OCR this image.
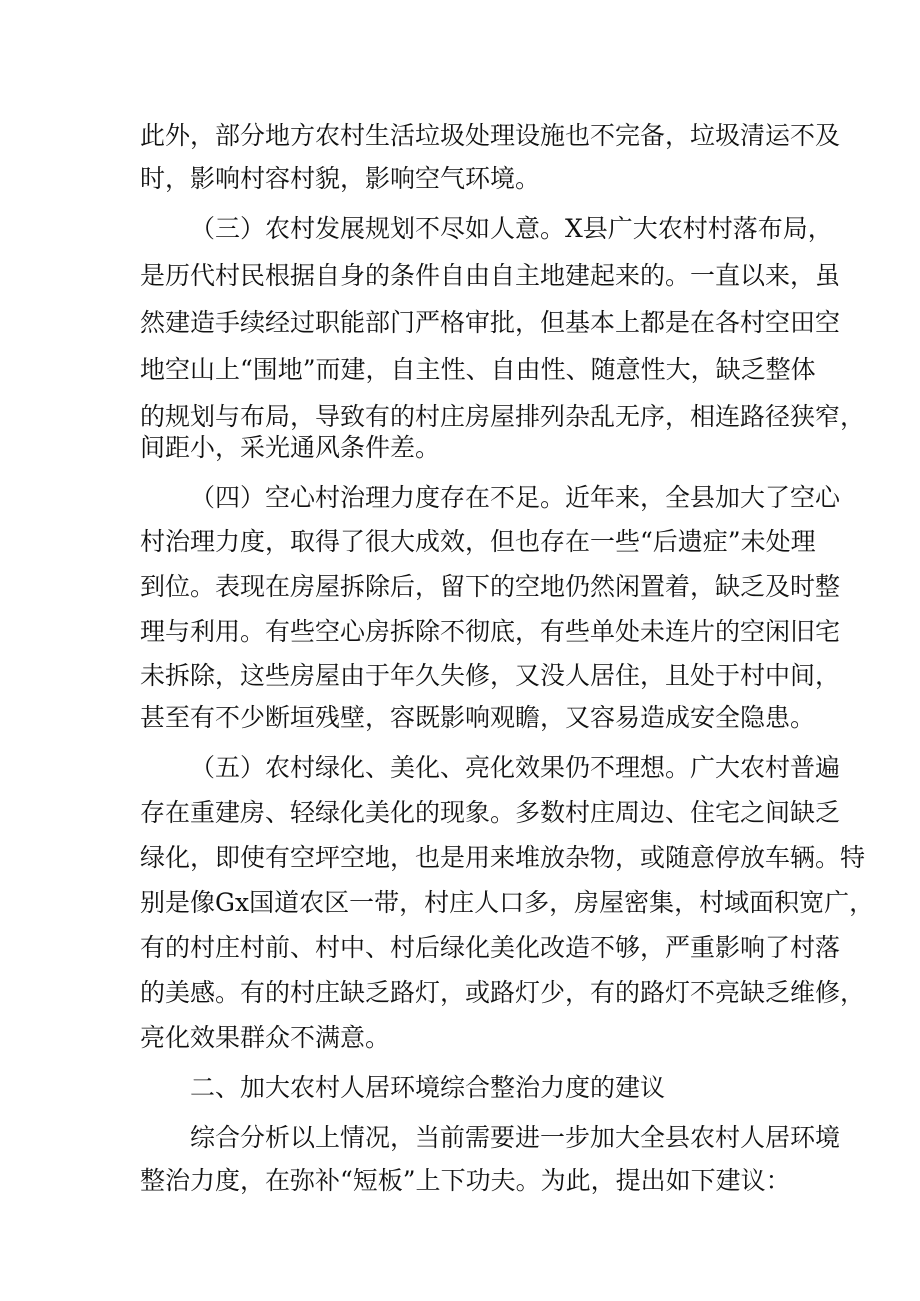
此外，部分地方农村生活垃圾处理设施也不完备，垃圾清运不及
时，影响村容村貌，影响空气环境。
（三）农村发展规划不尽如人意。X县广大农村村落布局，
是历代村民根据自身的条件自由自主地建起来的。一直以来，虽
然建造手续经过职能部门严格审批，但基本上都是在各村空田空
地空山上“围地”而建，自主性、自由性、随意性大，缺乏整体
的规划与布局，导致有的村庄房屋排列杂乱无序，相连路径狭窄，
间距小，采光通风条件差。
（四）空心村治理力度存在不足。近年来，全县加大了空心
村治理力度，取得了很大成效，但也存在一些“后遗症”未处理
到位。表现在房屋拆除后，留下的空地仍然闲置着，缺乏及时整
理与利用。有些空心房拆除不彻底，有些单处未连片的空闲旧宅
未拆除，这些房屋由于年久失修，又没人居住，且处于村中间，
甚至有不少断垣残壁，容既影响观瞻，又容易造成安全隐患。
（五）农村绿化、美化、亮化效果仍不理想。广大农村普遍
存在重建房、轻绿化美化的现象。多数村庄周边、住宅之间缺乏
绿化，即使有空坪空地，也是用来堆放杂物，或随意停放车辆。特
别是像Gx国道农区一带，村庄人口多，房屋密集，村域面积宽广，
有的村庄村前、村中、村后绿化美化改造不够，严重影响了村落
的美感。有的村庄缺乏路灯，或路灯少，有的路灯不亮缺乏维修，
亮化效果群众不满意。
二、加大农村人居环境综合整治力度的建议
综合分析以上情况，当前需要进一步加大全县农村人居环境
整治力度，在弥补“短板”上下功夫。为此，提出如下建议：
